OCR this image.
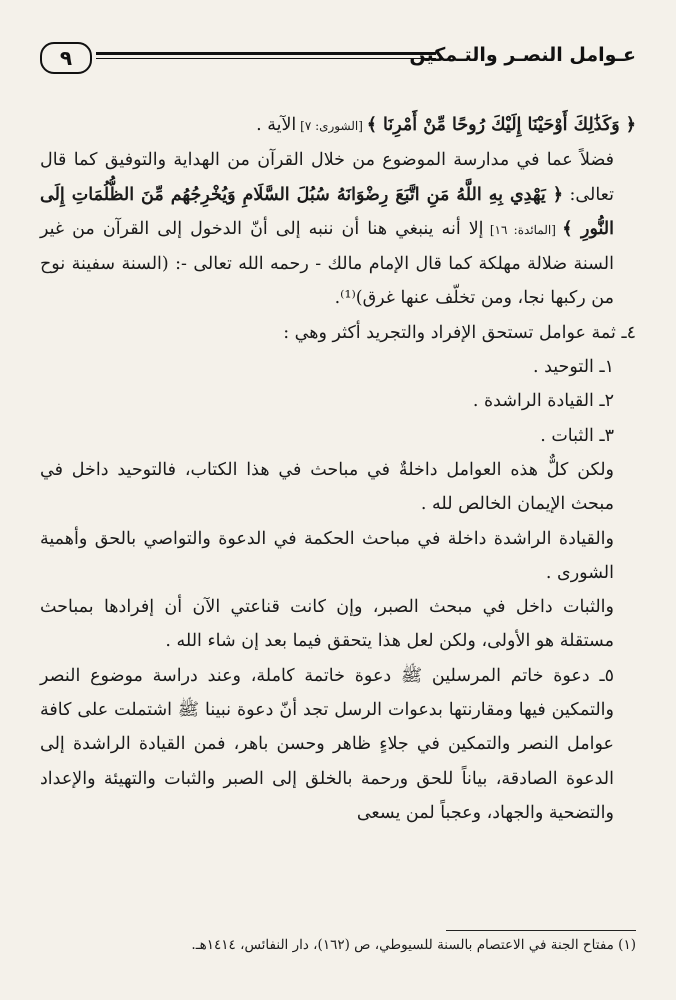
٩	عـوامل النصـر والتـمكين

﴿ وَكَذَٰلِكَ أَوْحَيْنَا إِلَيْكَ رُوحًا مِّنْ أَمْرِنَا ﴾ [الشورى: ٧] الآية .

فضلاً عما في مدارسة الموضوع من خلال القرآن من الهداية والتوفيق كما قال تعالى: ﴿ يَهْدِي بِهِ اللَّهُ مَنِ اتَّبَعَ رِضْوَانَهُ سُبُلَ السَّلَامِ وَيُخْرِجُهُم مِّنَ الظُّلُمَاتِ إِلَى النُّورِ ﴾ [المائدة: ١٦] إلا أنه ينبغي هنا أن ننبه إلى أنّ الدخول إلى القرآن من غير السنة ضلالة مهلكة كما قال الإمام مالك - رحمه الله تعالى -: (السنة سفينة نوح من ركبها نجا، ومن تخلّف عنها غرق)⁽¹⁾.

٤ـ ثمة عوامل تستحق الإفراد والتجريد أكثر وهي :

١ـ التوحيد .

٢ـ القيادة الراشدة .

٣ـ الثبات .

ولكن كلٌّ هذه العوامل داخلةٌ في مباحث في هذا الكتاب، فالتوحيد داخل في مبحث الإيمان الخالص لله .

والقيادة الراشدة داخلة في مباحث الحكمة في الدعوة والتواصي بالحق وأهمية الشورى .

والثبات داخل في مبحث الصبر، وإن كانت قناعتي الآن أن إفرادها بمباحث مستقلة هو الأولى، ولكن لعل هذا يتحقق فيما بعد إن شاء الله .

٥ـ دعوة خاتم المرسلين ﷺ دعوة خاتمة كاملة، وعند دراسة موضوع النصر والتمكين فيها ومقارنتها بدعوات الرسل تجد أنّ دعوة نبينا ﷺ اشتملت على كافة عوامل النصر والتمكين في جلاءٍ ظاهر وحسن باهر، فمن القيادة الراشدة إلى الدعوة الصادقة، بياناً للحق ورحمة بالخلق إلى الصبر والثبات والتهيئة والإعداد والتضحية والجهاد، وعجباً لمن يسعى

(١) مفتاح الجنة في الاعتصام بالسنة للسيوطي، ص (١٦٢)، دار النفائس، ١٤١٤هـ.
